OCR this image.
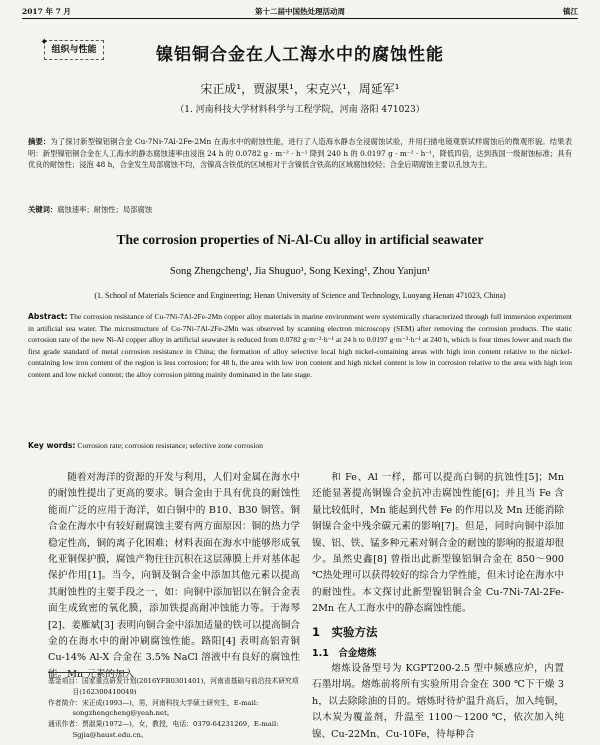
2017 年 7 月	第十二届中国热处理活动周	镇江
✦
组织与性能	镍铝铜合金在人工海水中的腐蚀性能
宋正成¹，贾淑果¹，宋克兴¹，周延军¹
（1. 河南科技大学材料科学与工程学院，河南 洛阳 471023）
摘要：为了探讨新型镍铝铜合金 Cu-7Ni-7Al-2Fe-2Mn 在海水中的耐蚀性能，进行了人造海水静态全浸腐蚀试验，并用扫描电镜观察试样腐蚀后的微观形貌。结果表明：新型镍铝铜合金在人工海水的静态腐蚀速率由浸泡 24 h 的 0.0782 g · m⁻² · h⁻¹ 降到 240 h 的 0.0197 g · m⁻² · h⁻¹，降低四倍，达到我国一级耐蚀标准；具有优良的耐蚀性；浸泡 48 h，合金发生局部腐蚀不均，含镍高含铁低的区域相对于含镍低含铁高的区域腐蚀较轻；合金后期腐蚀主要以孔蚀为主。
关键词：腐蚀速率；耐蚀性；局部腐蚀
The corrosion properties of Ni-Al-Cu alloy in artificial seawater
Song Zhengcheng¹, Jia Shuguo¹, Song Kexing¹, Zhou Yanjun¹
(1. School of Materials Science and Engineering; Henan University of Science and Technology, Luoyang Henan 471023, China)
Abstract: The corrosion resistance of Cu-7Ni-7Al-2Fe-2Mn copper alloy materials in marine environment were systemically characterized through full immersion experiment in artificial sea water. The microstructure of Cu-7Ni-7Al-2Fe-2Mn was observed by scanning electron microscopy (SEM) after removing the corrosion products. The static corrosion rate of the new Ni-Al copper alloy in artificial seawater is reduced from 0.0782 g·m⁻²·h⁻¹ at 24 h to 0.0197 g·m⁻²·h⁻¹ at 240 h, which is four times lower and reach the first grade standard of metal corrosion resistance in China; the formation of alloy selective local high nickel-containing areas with high iron content relative to the nickel-containing low iron content of the region is less corrosion; for 48 h, the area with low iron content and high nickel content is low in corrosion relative to the area with high iron content and low nickel content; the alloy corrosion pitting mainly dominated in the late stage.
Key words: Corrosion rate; corrosion resistance; selective zone corrosion
随着对海洋的资源的开发与利用，人们对金属在海水中的耐蚀性提出了更高的要求。铜合金由于具有优良的耐蚀性能而广泛的应用于海洋，如白铜中的 B10、B30 铜管。铜合金在海水中有较好耐腐蚀主要有两方面原因：铜的热力学稳定性高，铜的离子化困难；材料表面在海水中能够形成氧化亚铜保护膜，腐蚀产物往往沉积在这层薄膜上并对基体起保护作用[1]。当今，向铜及铜合金中添加其他元素以提高其耐蚀性的主要手段之一，如：向铜中添加铝以在铜合金表面生成致密的氧化膜，添加铁提高耐冲蚀能力等。于海琴[2]、姜雁斌[3] 表明向铜合金中添加适量的铁可以提高铜合金的在海水中的耐冲刷腐蚀性能。路阳[4] 表明高铝青铜 Cu-14% Al-X 合金在 3.5% NaCl 溶液中有良好的腐蚀性能。Mn 元素的加入
和 Fe、Al 一样，都可以提高白铜的抗蚀性[5]；Mn 还能显著提高铜镍合金抗冲击腐蚀性能[6]；并且当 Fe 含量比较低时，Mn 能起到代替 Fe 的作用以及 Mn 还能消除铜镍合金中残余碳元素的影响[7]。但是，同时向铜中添加镍、铝、铁、锰多种元素对铜合金的耐蚀的影响的报道却很少。虽然史鑫[8] 曾指出此新型镍铝铜合金在 850～900 ℃热处理可以获得较好的综合力学性能，但未讨论在海水中的耐蚀性。本文探讨此新型镍铝铜合金 Cu-7Ni-7Al-2Fe-2Mn 在人工海水中的静态腐蚀性能。
1　实验方法
1.1　合金熔炼
熔炼设备型号为 KGPT200-2.5 型中频感应炉，内置石墨坩埚。熔炼前将所有实验所用合金在 300 ℃下干燥 3 h，以去除除油的目的。熔炼时待炉温升高后，加入纯铜，以木炭为覆盖剂，升温至 1100～1200 ℃，依次加入纯镍、Cu-22Mn、Cu-10Fe，待每种合
基金项目：国家重点研发计划(2016YFB0301401)，河南省基础与前沿技术研究项目(162300410049)
作者简介：宋正成(1993—)，男，河南科技大学硕士研究生，E-mail: songzhengcheng@yeah.net。
通讯作者：贾淑果(1972—)，女，教授，电话：0379-64231269，E-mail: Sgjia@haust.edu.cn。
